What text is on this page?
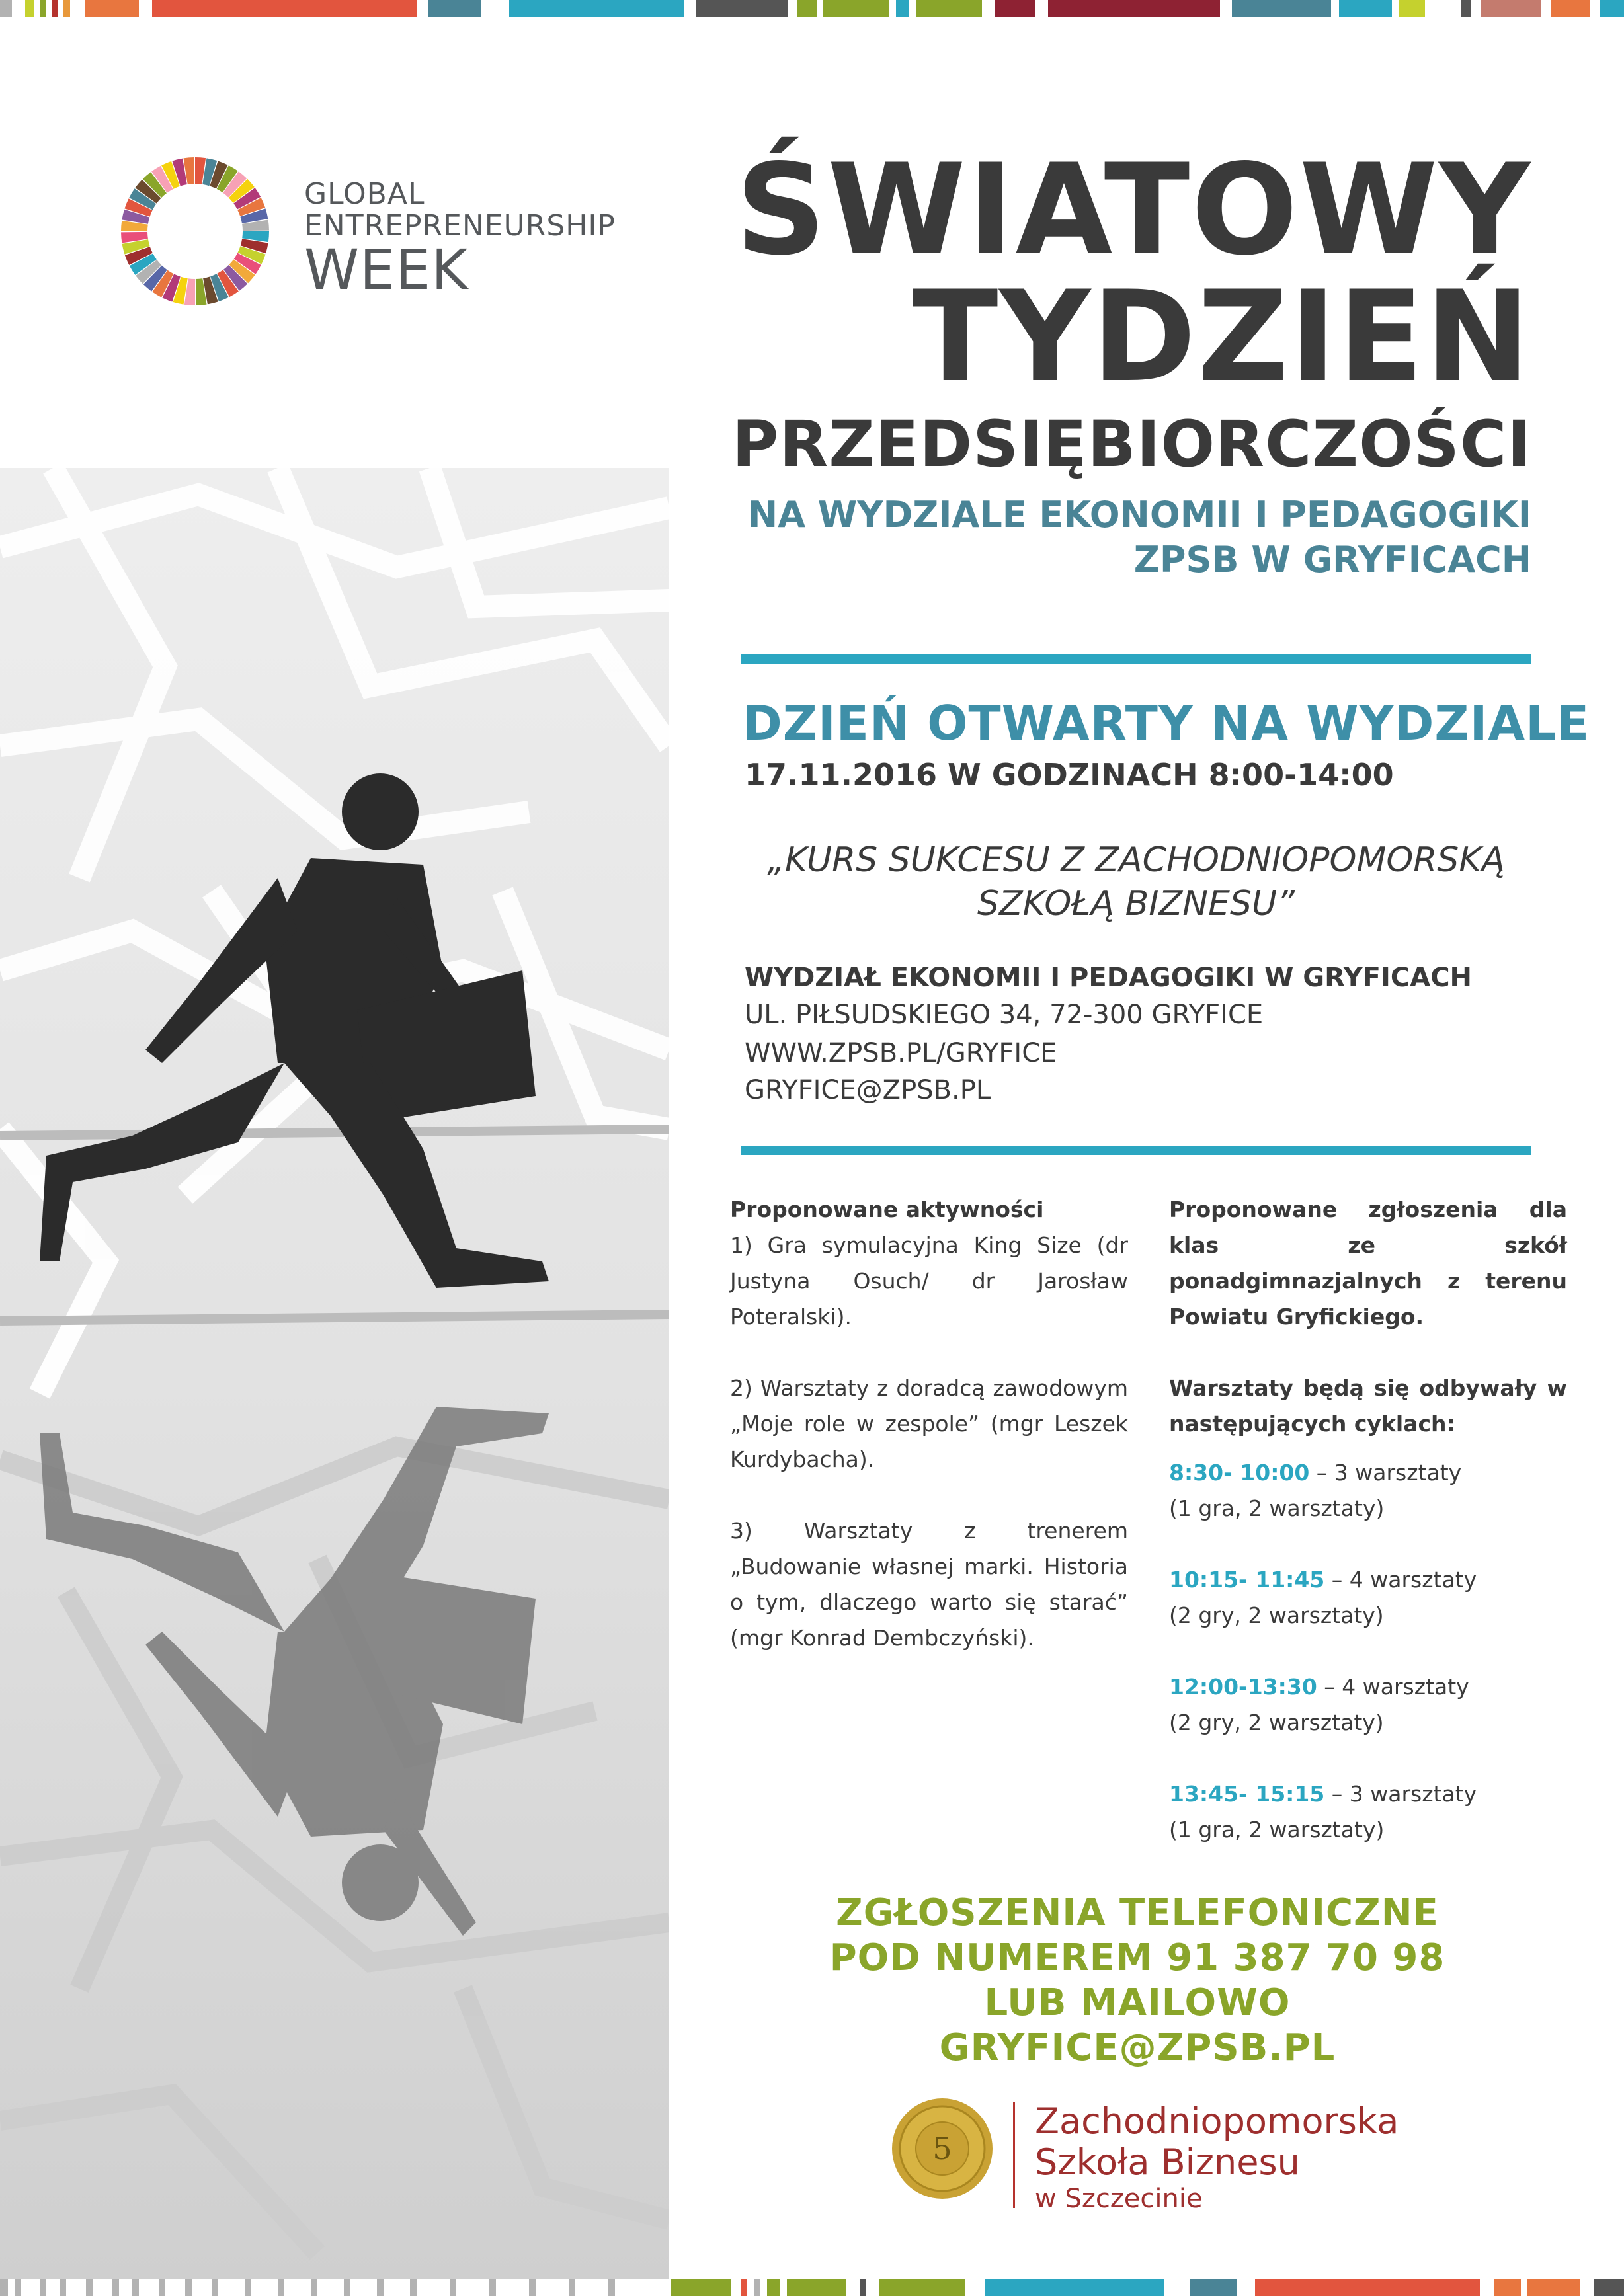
GLOBAL
ENTREPRENEURSHIP
WEEK	ŚWIATOWY
TYDZIEŃ
PRZEDSIĘBIORCZOŚCI
NA WYDZIALE EKONOMII I PEDAGOGIKI
ZPSB W GRYFICACH
DZIEŃ OTWARTY NA WYDZIALE
17.11.2016 W GODZINACH 8:00-14:00
„KURS SUKCESU Z ZACHODNIOPOMORSKĄ
SZKOŁĄ BIZNESU”
WYDZIAŁ EKONOMII I PEDAGOGIKI W GRYFICACH
UL. PIŁSUDSKIEGO 34, 72-300 GRYFICE
WWW.ZPSB.PL/GRYFICE
GRYFICE@ZPSB.PL

Proponowane aktywności

1) Gra symulacyjna King Size (dr Justyna Osuch/ dr Jarosław Poteralski).

2) Warsztaty z doradcą zawodowym „Moje role w zespole” (mgr Leszek Kurdybacha).

3) Warsztaty z trenerem „Budowanie własnej marki. Historia o tym, dlaczego warto się starać” (mgr Konrad Dembczyński).

Proponowane zgłoszenia dla klas ze szkół ponadgimnazjalnych z terenu Powiatu Gryfickiego.

Warsztaty będą się odbywały w następujących cyklach:

8:30- 10:00 – 3 warsztaty

(1 gra, 2 warsztaty)

10:15- 11:45 – 4 warsztaty

(2 gry, 2 warsztaty)

12:00-13:30 – 4 warsztaty

(2 gry, 2 warsztaty)

13:45- 15:15 – 3 warsztaty

(1 gra, 2 warsztaty)

ZGŁOSZENIA TELEFONICZNE
POD NUMEREM 91 387 70 98
LUB MAILOWO GRYFICE@ZPSB.PL
5
Zachodniopomorska
Szkoła Biznesu
w Szczecinie
